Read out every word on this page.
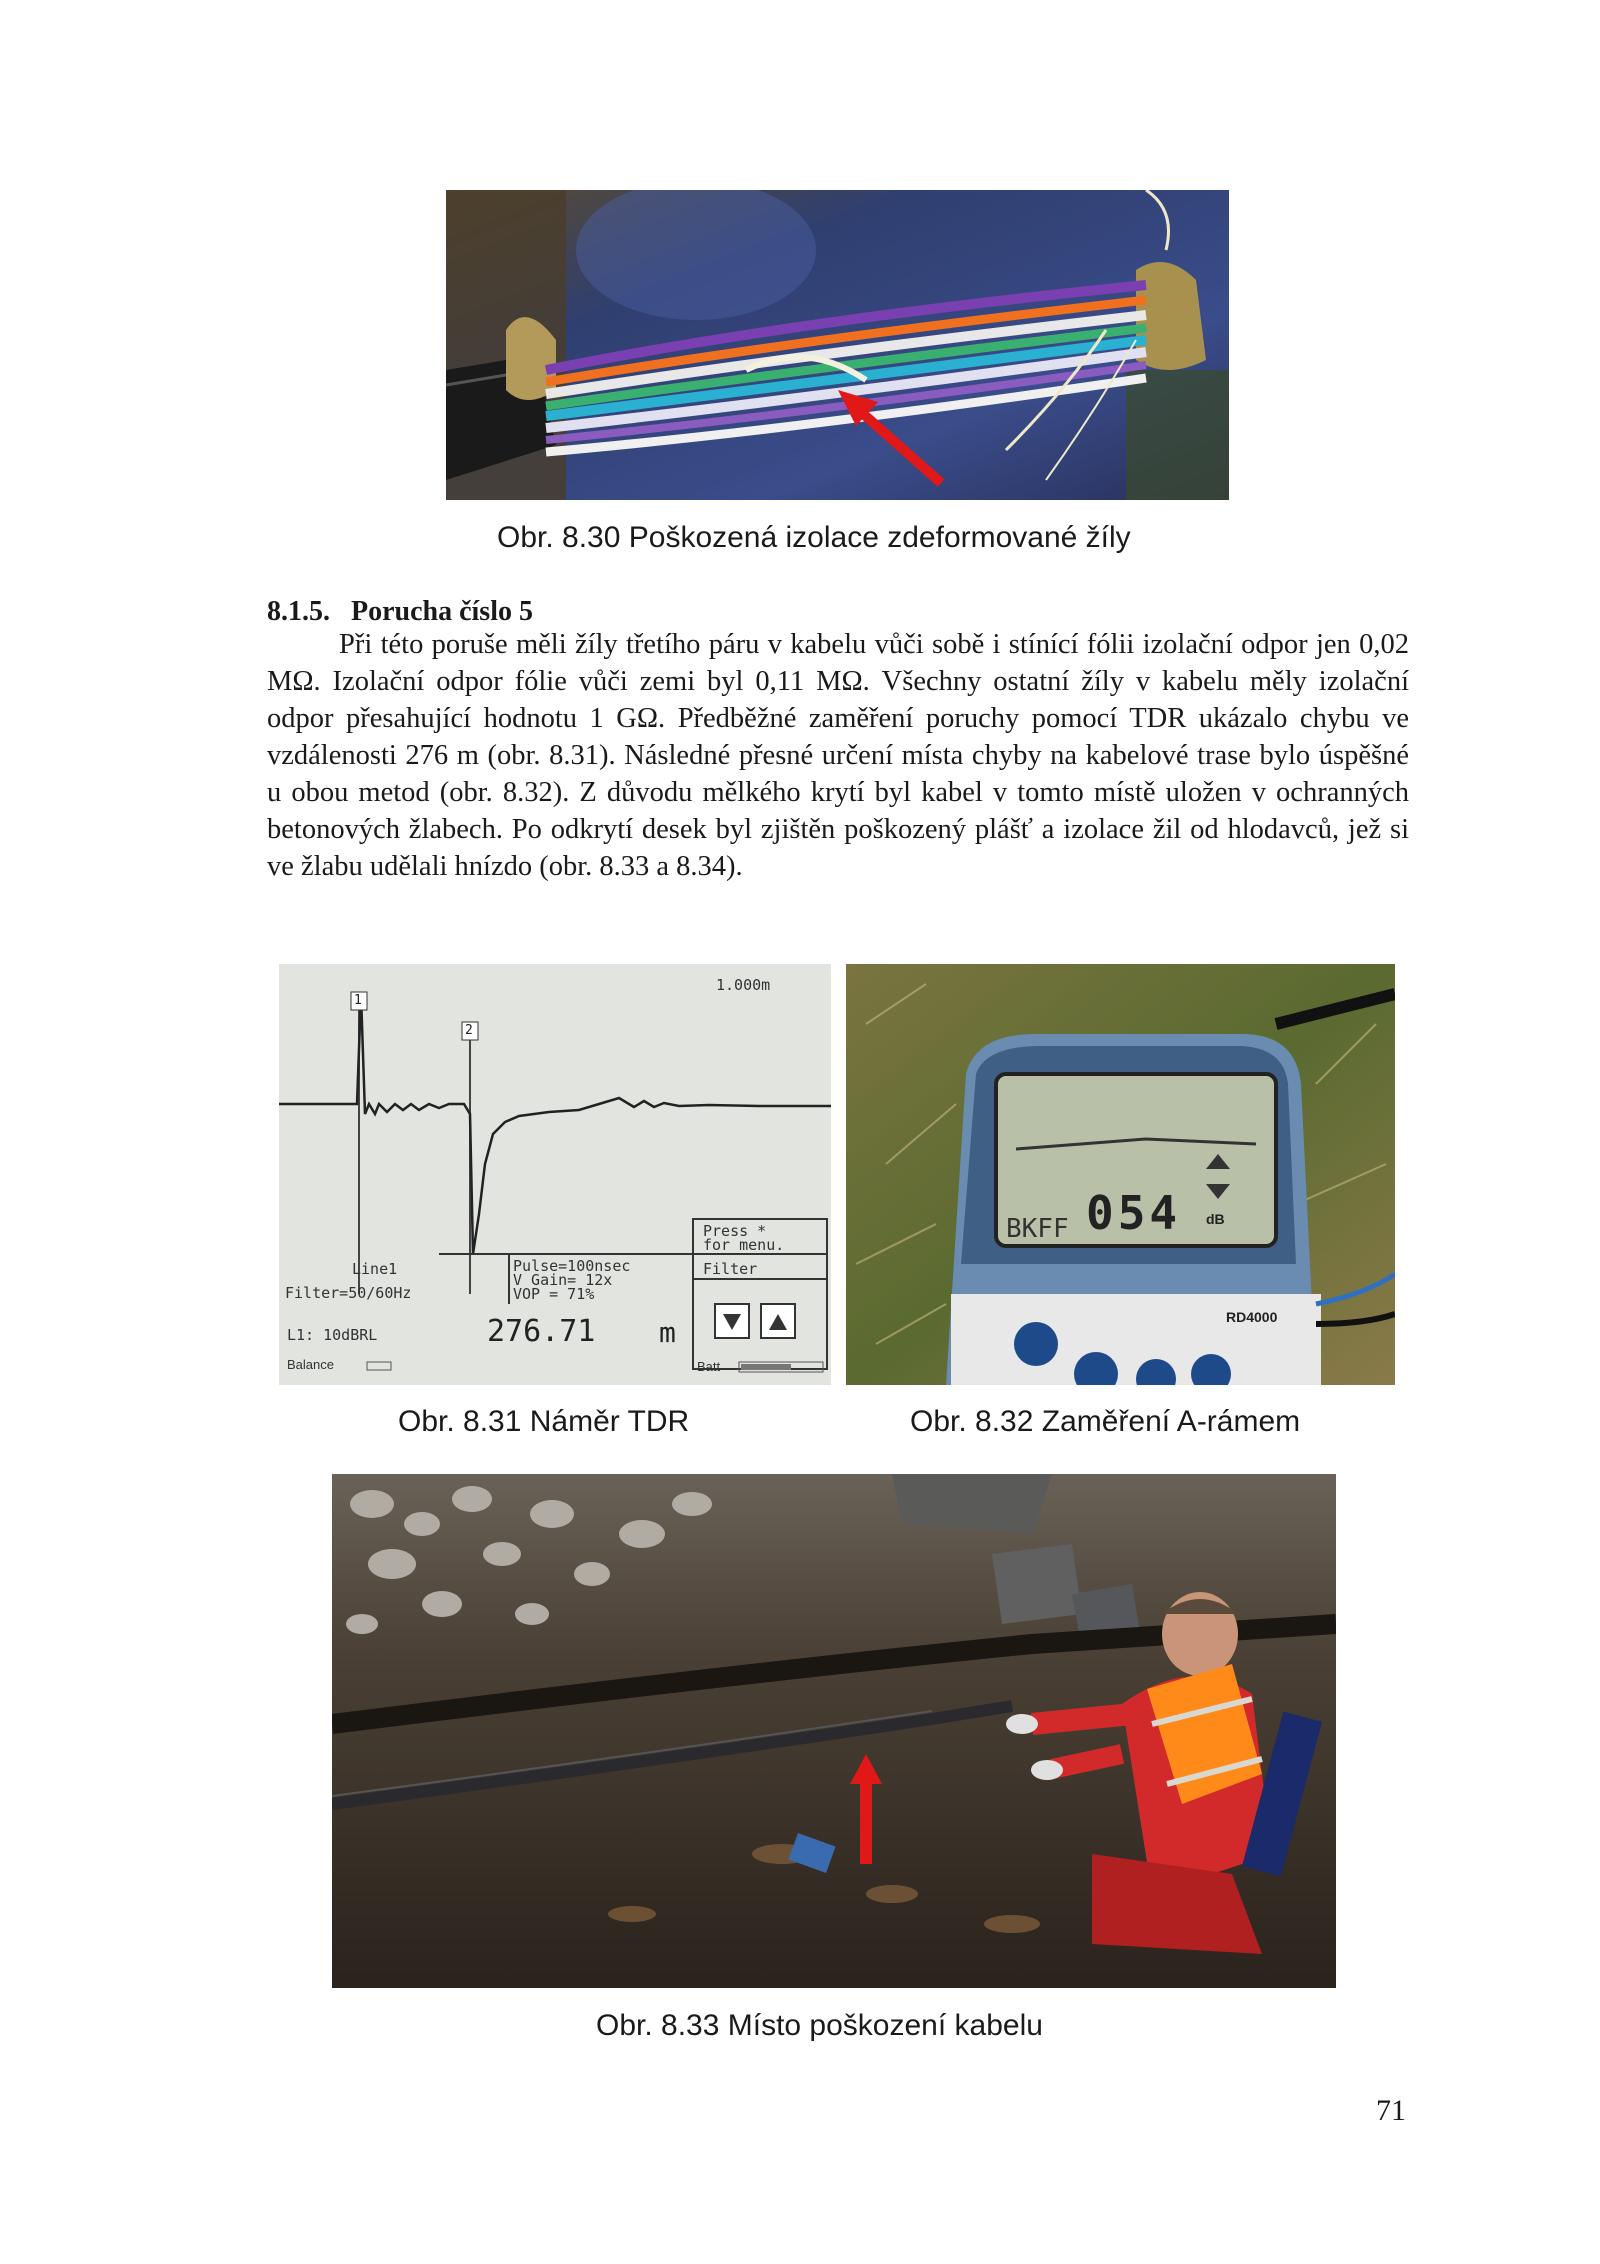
Obr. 8.30 Poškozená izolace zdeformované žíly
8.1.5. Porucha číslo 5

Při této poruše měli žíly třetího páru v kabelu vůči sobě i stínící fólii izolační odpor jen 0,02 MΩ. Izolační odpor fólie vůči zemi byl 0,11 MΩ. Všechny ostatní žíly v kabelu měly izolační odpor přesahující hodnotu 1 GΩ. Předběžné zaměření poruchy pomocí TDR ukázalo chybu ve vzdálenosti 276 m (obr. 8.31). Následné přesné určení místa chyby na kabelové trase bylo úspěšné u obou metod (obr. 8.32). Z důvodu mělkého krytí byl kabel v tomto místě uložen v ochranných betonových žlabech. Po odkrytí desek byl zjištěn poškozený plášť a izolace žil od hlodavců, jež si ve žlabu udělali hnízdo (obr. 8.33 a 8.34).

1.000m
1
2
Press *
for menu.
Line1
Filter=50/60Hz
Pulse=100nsec
V Gain= 12x
VOP = 71%
Filter
276.71 m
L1: 10dBRL
Balance	Batt
Obr. 8.31 Náměr TDR
054 dB
BKFF
RD4000
Obr. 8.32 Zaměření A-rámem
Obr. 8.33 Místo poškození kabelu
71
